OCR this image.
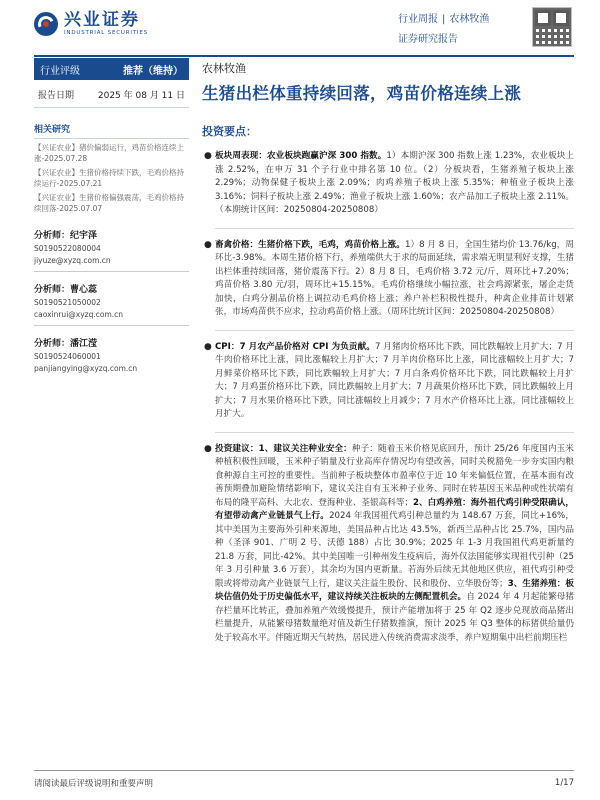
兴业证券
INDUSTRIAL SECURITIES
行业周报 | 农林牧渔
证券研究报告
行业评级	推荐（维持）
报告日期	2025 年 08 月 11 日
相关研究
【兴证农业】猪价偏弱运行，鸡苗价格连续上涨-2025.07.28
【兴证农业】生猪价格持续下跌，毛鸡价格持续运行-2025.07.21
【兴证农业】生猪价格偏强震荡，毛鸡价格持续回落-2025.07.07
分析师：纪宇泽
S0190522080004
jiyuze@xyzq.com.cn
分析师：曹心蕊
S0190521050002
caoxinrui@xyzq.com.cn
分析师：潘江滢
S0190524060001
panjiangying@xyzq.com.cn
农林牧渔
生猪出栏体重持续回落，鸡苗价格连续上涨
投资要点：
● 板块周表现：农业板块跑赢沪深 300 指数。1）本期沪深 300 指数上涨 1.23%，农业板块上涨 2.52%，在申万 31 个子行业中排名第 10 位。（2）分板块看，生猪养殖子板块上涨 2.29%；动物保健子板块上涨 2.09%；肉鸡养殖子板块上涨 5.35%；种植业子板块上涨 3.16%；饲料子板块上涨 2.49%；渔业子板块上涨 1.60%；农产品加工子板块上涨 2.11%。（本期统计区间：20250804-20250808）
● 畜禽价格：生猪价格下跌，毛鸡，鸡苗价格上涨。1）8 月 8 日，全国生猪均价 13.76/kg，周环比-3.98%。本周生猪价格下行，养殖端供大于求的局面延续，需求端无明显利好支撑，生猪出栏体重持续回落，猪价震荡下行。2）8 月 8 日，毛鸡价格 3.72 元/斤，周环比+7.20%；鸡苗价格 3.80 元/羽，周环比+15.15%。毛鸡价格继续小幅拉涨，社会鸡源紧张，屠企走货加快，白鸡分割品价格上调拉动毛鸡价格上涨；养户补栏积极性提升，种禽企业排苗计划紧张，市场鸡苗供不应求，拉动鸡苗价格上涨。（周环比统计区间：20250804-20250808）
● CPI：7 月农产品价格对 CPI 为负贡献。7 月猪肉价格环比下跌，同比跌幅较上月扩大；7 月牛肉价格环比上涨，同比涨幅较上月扩大；7 月羊肉价格环比上涨，同比涨幅较上月扩大；7 月鲜菜价格环比下跌，同比跌幅较上月扩大；7 月白条鸡价格环比下跌，同比跌幅较上月扩大；7 月鸡蛋价格环比下跌，同比跌幅较上月扩大；7 月蔬果价格环比下跌，同比跌幅较上月扩大；7 月水果价格环比下跌，同比涨幅较上月减少；7 月水产价格环比上涨，同比涨幅较上月扩大。
● 投资建议：1、建议关注种业安全：种子：随着玉米价格见底回升，预计 25/26 年度国内玉米种植积极性回暖，玉米种子销量及行业高库存情况均有望改善，同时关税豁免一步夯实国内粮食种源自主可控的重要性。当前种子板块整体市盈率位于近 10 年来偏低位置，在基本面有改善预期叠加避险情绪影响下，建议关注自有玉米种子业务、同时在转基因玉米品种或性状端有布局的隆平高科、大北农、登海种业、荃银高科等；2、白鸡养殖：海外祖代鸡引种受限确认，有望带动禽产业链景气上行。2024 年我国祖代鸡引种总量约为 148.67 万套，同比+16%，其中美国为主要海外引种来源地，美国品种占比达 43.5%，新西兰品种占比 25.7%，国内品种（圣泽 901、广明 2 号、沃德 188）占比 30.9%；2025 年 1-3 月我国祖代鸡更新量约 21.8 万套，同比-42%。其中美国唯一引种州发生疫病后，海外仅法国能够实现祖代引种（25 年 3 月引种量 3.6 万套），其余均为国内更新量。若海外后续无其他地区供应，祖代鸡引种受限或将带动禽产业链景气上行，建议关注益生股份、民和股份、立华股份等；3、生猪养殖：板块估值仍处于历史偏低水平，建议持续关注板块的左侧配置机会。自 2024 年 4 月起能繁母猪存栏量环比转正，叠加养殖产效缓慢提升，预计产能增加将于 25 年 Q2 逐步兑现放商品猪出栏量提升，从能繁母猪数量绝对值及新生仔猪数推演，预计 2025 年 Q3 整体的标猪供给量仍处于较高水平。伴随近期天气转热，居民进入传统消费需求淡季，养户短期集中出栏前期压栏
请阅读最后评级说明和重要声明	1/17
